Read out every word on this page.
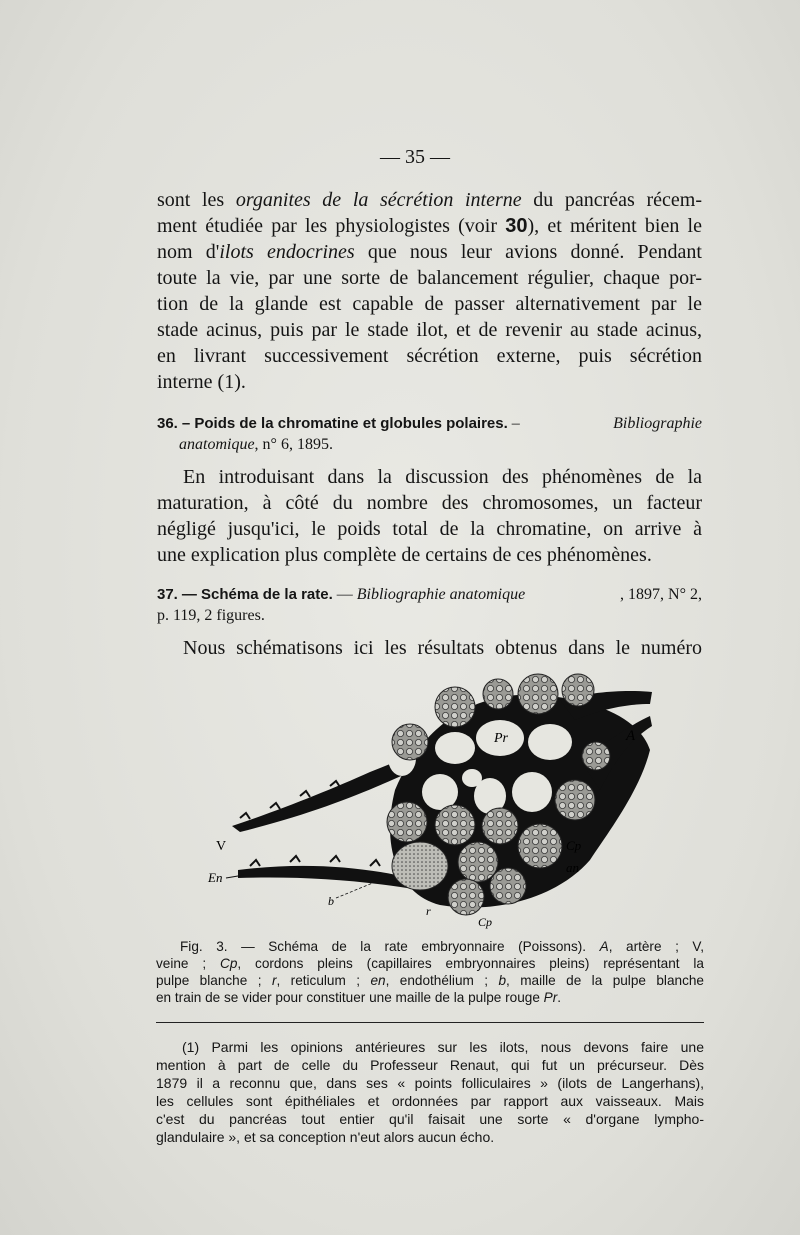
— 35 —
sont les organites de la sécrétion interne du pancréas récem-
ment étudiée par les physiologistes (voir 30), et méritent bien le
nom d'ilots endocrines que nous leur avions donné. Pendant
toute la vie, par une sorte de balancement régulier, chaque por-
tion de la glande est capable de passer alternativement par le
stade acinus, puis par le stade ilot, et de revenir au stade acinus,
en livrant successivement sécrétion externe, puis sécrétion
interne (1).
36. – Poids de la chromatine et globules polaires. –	Bibliographie
anatomique, n° 6, 1895.
En introduisant dans la discussion des phénomènes de la
maturation, à côté du nombre des chromosomes, un facteur
négligé jusqu'ici, le poids total de la chromatine, on arrive à
une explication plus complète de certains de ces phénomènes.
37. — Schéma de la rate. — Bibliographie anatomique	, 1897, N° 2,
p. 119, 2 figures.
Nous schématisons ici les résultats obtenus dans le numéro
Pr	A
V
En
Cp
an
b
r
Cp
Fig. 3. — Schéma de la rate embryonnaire (Poissons). A, artère ; V,
veine ; Cp, cordons pleins (capillaires embryonnaires pleins) représentant la
pulpe blanche ; r, reticulum ; en, endothélium ; b, maille de la pulpe blanche
en train de se vider pour constituer une maille de la pulpe rouge Pr.
(1) Parmi les opinions antérieures sur les ilots, nous devons faire une
mention à part de celle du Professeur Renaut, qui fut un précurseur. Dès
1879 il a reconnu que, dans ses « points folliculaires » (ilots de Langerhans),
les cellules sont épithéliales et ordonnées par rapport aux vaisseaux. Mais
c'est du pancréas tout entier qu'il faisait une sorte « d'organe lympho-
glandulaire », et sa conception n'eut alors aucun écho.
